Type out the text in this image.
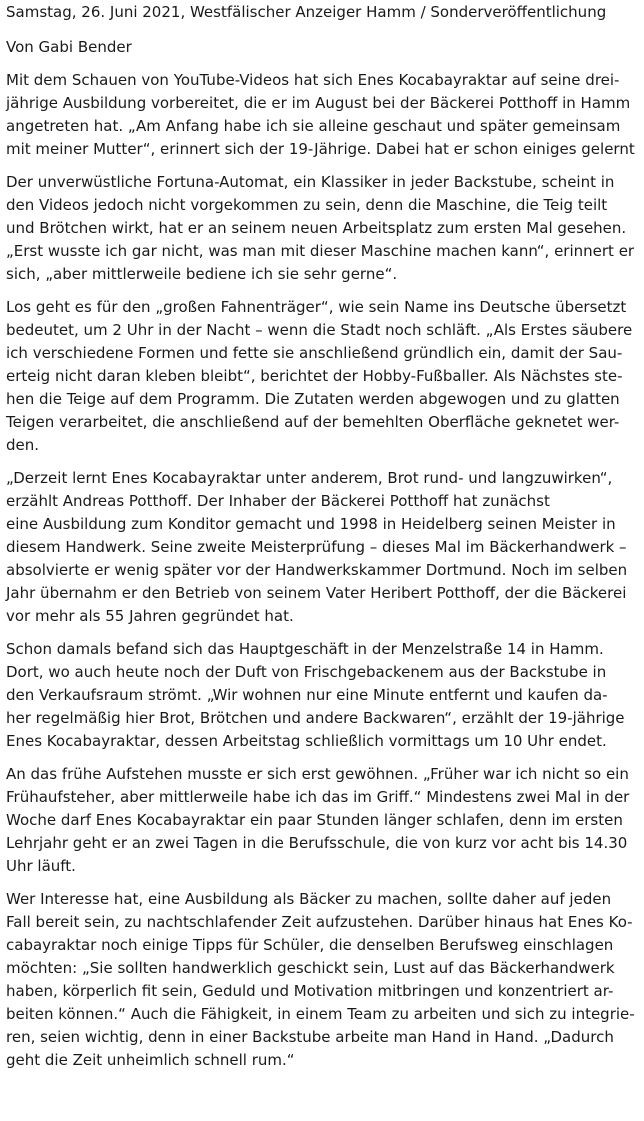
Samstag, 26. Juni 2021, Westfälischer Anzeiger Hamm / Sonderveröffentlichung
Von Gabi Bender
Mit dem Schauen von YouTube-Videos hat sich Enes Kocabayraktar auf seine drei-
jährige Ausbildung vorbereitet, die er im August bei der Bäckerei Potthoff in Hamm
angetreten hat. „Am Anfang habe ich sie alleine geschaut und später gemeinsam
mit meiner Mutter“, erinnert sich der 19-Jährige. Dabei hat er schon einiges gelernt
Der unverwüstliche Fortuna-Automat, ein Klassiker in jeder Backstube, scheint in
den Videos jedoch nicht vorgekommen zu sein, denn die Maschine, die Teig teilt
und Brötchen wirkt, hat er an seinem neuen Arbeitsplatz zum ersten Mal gesehen.
„Erst wusste ich gar nicht, was man mit dieser Maschine machen kann“, erinnert er
sich, „aber mittlerweile bediene ich sie sehr gerne“.
Los geht es für den „großen Fahnenträger“, wie sein Name ins Deutsche übersetzt
bedeutet, um 2 Uhr in der Nacht – wenn die Stadt noch schläft. „Als Erstes säubere
ich verschiedene Formen und fette sie anschließend gründlich ein, damit der Sau-
erteig nicht daran kleben bleibt“, berichtet der Hobby-Fußballer. Als Nächstes ste-
hen die Teige auf dem Programm. Die Zutaten werden abgewogen und zu glatten
Teigen verarbeitet, die anschließend auf der bemehlten Oberfläche geknetet wer-
den.
„Derzeit lernt Enes Kocabayraktar unter anderem, Brot rund- und langzuwirken“,
erzählt Andreas Potthoff. Der Inhaber der Bäckerei Potthoff hat zunächst
eine Ausbildung zum Konditor gemacht und 1998 in Heidelberg seinen Meister in
diesem Handwerk. Seine zweite Meisterprüfung – dieses Mal im Bäckerhandwerk –
absolvierte er wenig später vor der Handwerkskammer Dortmund. Noch im selben
Jahr übernahm er den Betrieb von seinem Vater Heribert Potthoff, der die Bäckerei
vor mehr als 55 Jahren gegründet hat.
Schon damals befand sich das Hauptgeschäft in der Menzelstraße 14 in Hamm.
Dort, wo auch heute noch der Duft von Frischgebackenem aus der Backstube in
den Verkaufsraum strömt. „Wir wohnen nur eine Minute entfernt und kaufen da-
her regelmäßig hier Brot, Brötchen und andere Backwaren“, erzählt der 19-jährige
Enes Kocabayraktar, dessen Arbeitstag schließlich vormittags um 10 Uhr endet.
An das frühe Aufstehen musste er sich erst gewöhnen. „Früher war ich nicht so ein
Frühaufsteher, aber mittlerweile habe ich das im Griff.“ Mindestens zwei Mal in der
Woche darf Enes Kocabayraktar ein paar Stunden länger schlafen, denn im ersten
Lehrjahr geht er an zwei Tagen in die Berufsschule, die von kurz vor acht bis 14.30
Uhr läuft.
Wer Interesse hat, eine Ausbildung als Bäcker zu machen, sollte daher auf jeden
Fall bereit sein, zu nachtschlafender Zeit aufzustehen. Darüber hinaus hat Enes Ko-
cabayraktar noch einige Tipps für Schüler, die denselben Berufsweg einschlagen
möchten: „Sie sollten handwerklich geschickt sein, Lust auf das Bäckerhandwerk
haben, körperlich fit sein, Geduld und Motivation mitbringen und konzentriert ar-
beiten können.“ Auch die Fähigkeit, in einem Team zu arbeiten und sich zu integrie-
ren, seien wichtig, denn in einer Backstube arbeite man Hand in Hand. „Dadurch
geht die Zeit unheimlich schnell rum.“
